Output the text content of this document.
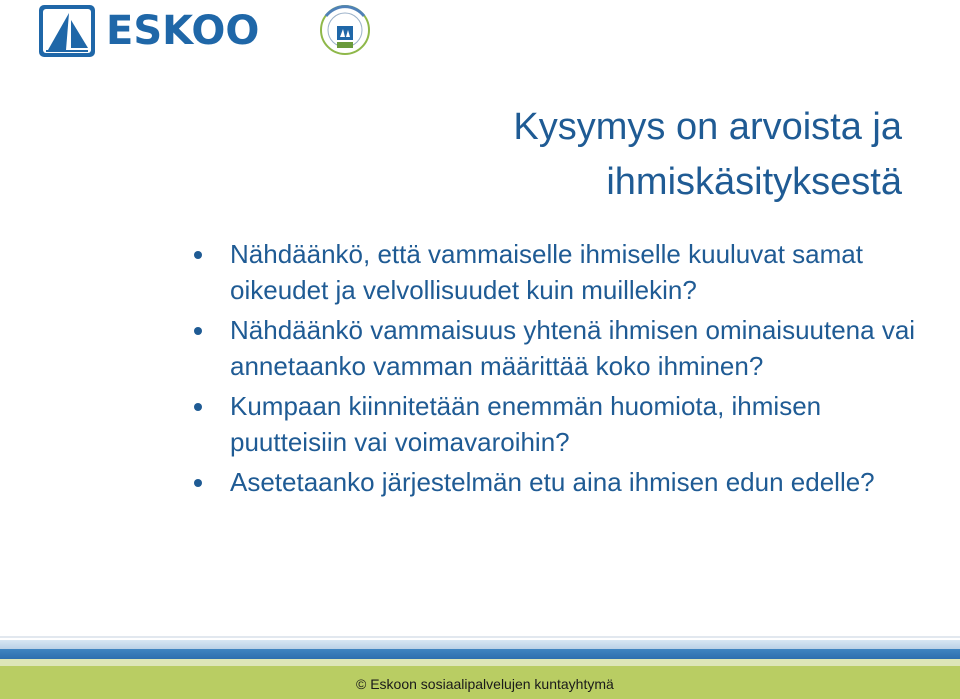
ESKOO
Kysymys on arvoista ja
ihmiskäsityksestä
Nähdäänkö, että vammaiselle ihmiselle kuuluvat samat oikeudet ja velvollisuudet kuin muillekin?
Nähdäänkö vammaisuus yhtenä ihmisen ominaisuutena vai annetaanko vamman määrittää koko ihminen?
Kumpaan kiinnitetään enemmän huomiota, ihmisen puutteisiin vai voimavaroihin?
Asetetaanko järjestelmän etu aina ihmisen edun edelle?
© Eskoon sosiaalipalvelujen kuntayhtymä
